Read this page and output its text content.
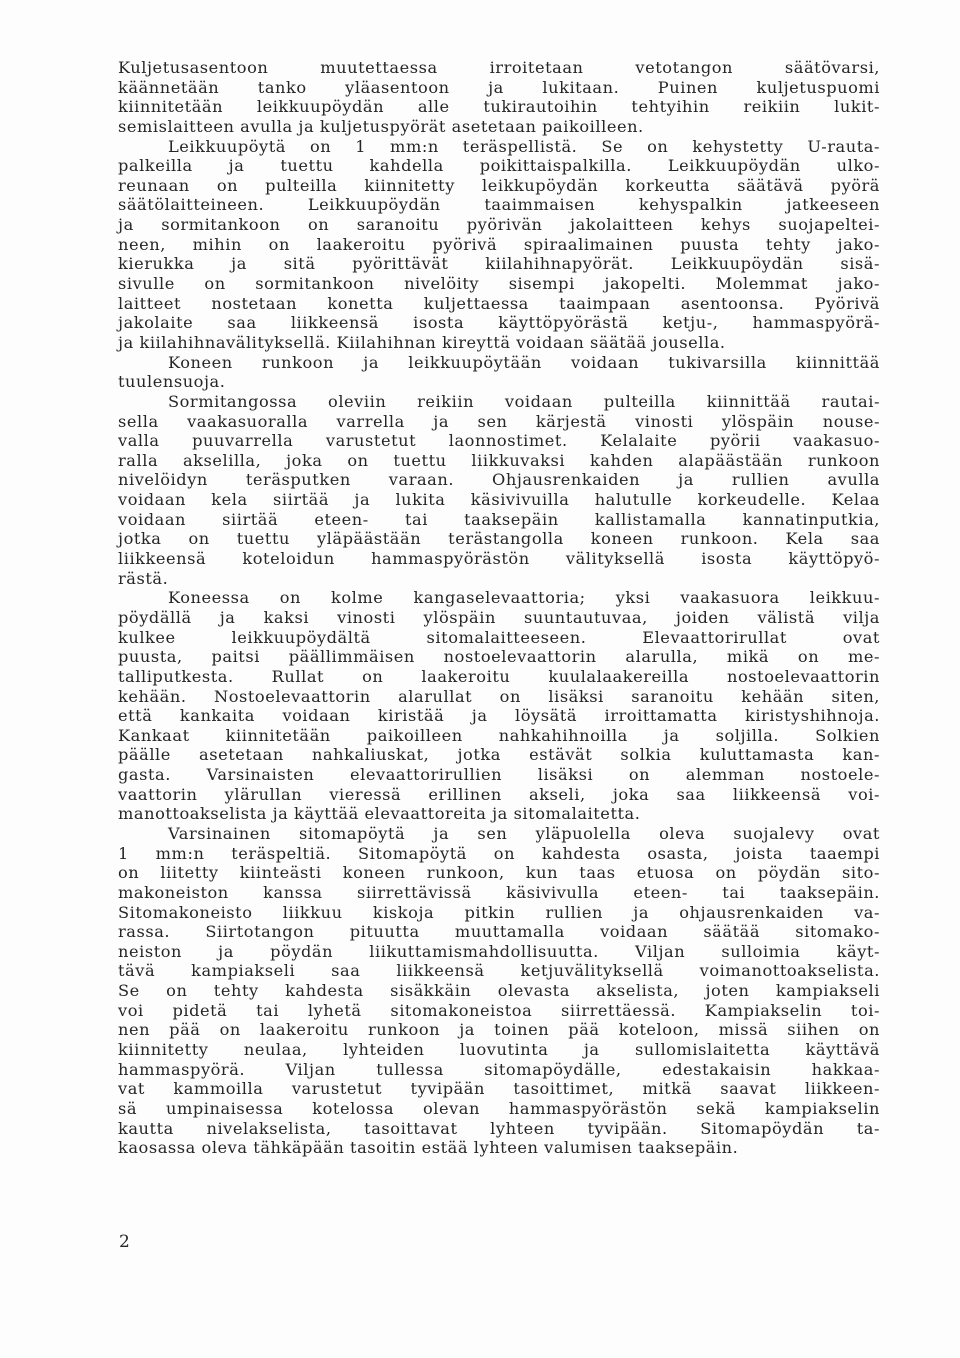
Kuljetusasentoon muutettaessa irroitetaan vetotangon säätövarsi,
käännetään tanko yläasentoon ja lukitaan. Puinen kuljetuspuomi
kiinnitetään leikkuupöydän alle tukirautoihin tehtyihin reikiin lukit-
semislaitteen avulla ja kuljetuspyörät asetetaan paikoilleen.
Leikkuupöytä on 1 mm:n teräspellistä. Se on kehystetty U-rauta-
palkeilla ja tuettu kahdella poikittaispalkilla. Leikkuupöydän ulko-
reunaan on pulteilla kiinnitetty leikkupöydän korkeutta säätävä pyörä
säätölaitteineen. Leikkuupöydän taaimmaisen kehyspalkin jatkeeseen
ja sormitankoon on saranoitu pyörivän jakolaitteen kehys suojapeltei-
neen, mihin on laakeroitu pyörivä spiraalimainen puusta tehty jako-
kierukka ja sitä pyörittävät kiilahihnapyörät. Leikkuupöydän sisä-
sivulle on sormitankoon nivelöity sisempi jakopelti. Molemmat jako-
laitteet nostetaan konetta kuljettaessa taaimpaan asentoonsa. Pyörivä
jakolaite saa liikkeensä isosta käyttöpyörästä ketju-, hammaspyörä-
ja kiilahihnavälityksellä. Kiilahihnan kireyttä voidaan säätää jousella.
Koneen runkoon ja leikkuupöytään voidaan tukivarsilla kiinnittää
tuulensuoja.
Sormitangossa oleviin reikiin voidaan pulteilla kiinnittää rautai-
sella vaakasuoralla varrella ja sen kärjestä vinosti ylöspäin nouse-
valla puuvarrella varustetut laonnostimet. Kelalaite pyörii vaakasuo-
ralla akselilla, joka on tuettu liikkuvaksi kahden alapäästään runkoon
nivelöidyn teräsputken varaan. Ohjausrenkaiden ja rullien avulla
voidaan kela siirtää ja lukita käsivivuilla halutulle korkeudelle. Kelaa
voidaan siirtää eteen- tai taaksepäin kallistamalla kannatinputkia,
jotka on tuettu yläpäästään terästangolla koneen runkoon. Kela saa
liikkeensä koteloidun hammaspyörästön välityksellä isosta käyttöpyö-
rästä.
Koneessa on kolme kangaselevaattoria; yksi vaakasuora leikkuu-
pöydällä ja kaksi vinosti ylöspäin suuntautuvaa, joiden välistä vilja
kulkee leikkuupöydältä sitomalaitteeseen. Elevaattorirullat ovat
puusta, paitsi päällimmäisen nostoelevaattorin alarulla, mikä on me-
talliputkesta. Rullat on laakeroitu kuulalaakereilla nostoelevaattorin
kehään. Nostoelevaattorin alarullat on lisäksi saranoitu kehään siten,
että kankaita voidaan kiristää ja löysätä irroittamatta kiristyshihnoja.
Kankaat kiinnitetään paikoilleen nahkahihnoilla ja soljilla. Solkien
päälle asetetaan nahkaliuskat, jotka estävät solkia kuluttamasta kan-
gasta. Varsinaisten elevaattorirullien lisäksi on alemman nostoele-
vaattorin ylärullan vieressä erillinen akseli, joka saa liikkeensä voi-
manottoakselista ja käyttää elevaattoreita ja sitomalaitetta.
Varsinainen sitomapöytä ja sen yläpuolella oleva suojalevy ovat
1 mm:n teräspeltiä. Sitomapöytä on kahdesta osasta, joista taaempi
on liitetty kiinteästi koneen runkoon, kun taas etuosa on pöydän sito-
makoneiston kanssa siirrettävissä käsivivulla eteen- tai taaksepäin.
Sitomakoneisto liikkuu kiskoja pitkin rullien ja ohjausrenkaiden va-
rassa. Siirtotangon pituutta muuttamalla voidaan säätää sitomako-
neiston ja pöydän liikuttamismahdollisuutta. Viljan sulloimia käyt-
tävä kampiakseli saa liikkeensä ketjuvälityksellä voimanottoakselista.
Se on tehty kahdesta sisäkkäin olevasta akselista, joten kampiakseli
voi pidetä tai lyhetä sitomakoneistoa siirrettäessä. Kampiakselin toi-
nen pää on laakeroitu runkoon ja toinen pää koteloon, missä siihen on
kiinnitetty neulaa, lyhteiden luovutinta ja sullomislaitetta käyttävä
hammaspyörä. Viljan tullessa sitomapöydälle, edestakaisin hakkaa-
vat kammoilla varustetut tyvipään tasoittimet, mitkä saavat liikkeen-
sä umpinaisessa kotelossa olevan hammaspyörästön sekä kampiakselin
kautta nivelakselista, tasoittavat lyhteen tyvipään. Sitomapöydän ta-
kaosassa oleva tähkäpään tasoitin estää lyhteen valumisen taaksepäin.
2
